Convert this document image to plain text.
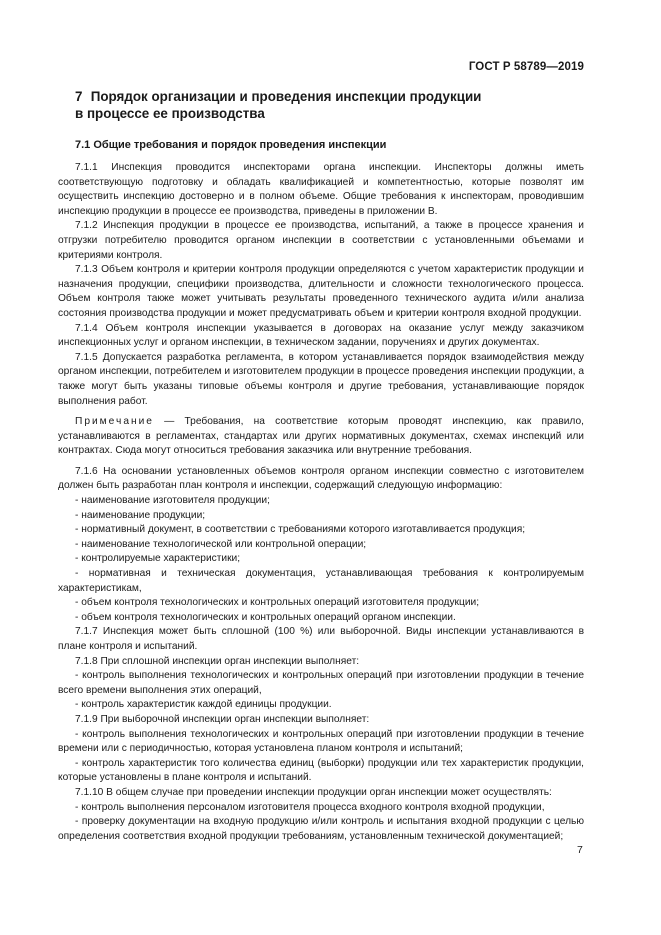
ГОСТ Р 58789—2019
7 Порядок организации и проведения инспекции продукции
в процессе ее производства
7.1 Общие требования и порядок проведения инспекции

7.1.1 Инспекция проводится инспекторами органа инспекции. Инспекторы должны иметь соответствующую подготовку и обладать квалификацией и компетентностью, которые позволят им осуществить инспекцию достоверно и в полном объеме. Общие требования к инспекторам, проводившим инспекцию продукции в процессе ее производства, приведены в приложении В.

7.1.2 Инспекция продукции в процессе ее производства, испытаний, а также в процессе хранения и отгрузки потребителю проводится органом инспекции в соответствии с установленными объемами и критериями контроля.

7.1.3 Объем контроля и критерии контроля продукции определяются с учетом характеристик продукции и назначения продукции, специфики производства, длительности и сложности технологического процесса. Объем контроля также может учитывать результаты проведенного технического аудита и/или анализа состояния производства продукции и может предусматривать объем и критерии контроля входной продукции.

7.1.4 Объем контроля инспекции указывается в договорах на оказание услуг между заказчиком инспекционных услуг и органом инспекции, в техническом задании, поручениях и других документах.

7.1.5 Допускается разработка регламента, в котором устанавливается порядок взаимодействия между органом инспекции, потребителем и изготовителем продукции в процессе проведения инспекции продукции, а также могут быть указаны типовые объемы контроля и другие требования, устанавливающие порядок выполнения работ.

Примечание — Требования, на соответствие которым проводят инспекцию, как правило, устанавливаются в регламентах, стандартах или других нормативных документах, схемах инспекций или контрактах. Сюда могут относиться требования заказчика или внутренние требования.

7.1.6 На основании установленных объемов контроля органом инспекции совместно с изготовителем должен быть разработан план контроля и инспекции, содержащий следующую информацию:

- наименование изготовителя продукции;

- наименование продукции;

- нормативный документ, в соответствии с требованиями которого изготавливается продукция;

- наименование технологической или контрольной операции;

- контролируемые характеристики;

- нормативная и техническая документация, устанавливающая требования к контролируемым характеристикам,

- объем контроля технологических и контрольных операций изготовителя продукции;

- объем контроля технологических и контрольных операций органом инспекции.

7.1.7 Инспекция может быть сплошной (100 %) или выборочной. Виды инспекции устанавливаются в плане контроля и испытаний.

7.1.8 При сплошной инспекции орган инспекции выполняет:

- контроль выполнения технологических и контрольных операций при изготовлении продукции в течение всего времени выполнения этих операций,

- контроль характеристик каждой единицы продукции.

7.1.9 При выборочной инспекции орган инспекции выполняет:

- контроль выполнения технологических и контрольных операций при изготовлении продукции в течение времени или с периодичностью, которая установлена планом контроля и испытаний;

- контроль характеристик того количества единиц (выборки) продукции или тех характеристик продукции, которые установлены в плане контроля и испытаний.

7.1.10 В общем случае при проведении инспекции продукции орган инспекции может осуществлять:

- контроль выполнения персоналом изготовителя процесса входного контроля входной продукции,

- проверку документации на входную продукцию и/или контроль и испытания входной продукции с целью определения соответствия входной продукции требованиям, установленным технической документацией;

7
